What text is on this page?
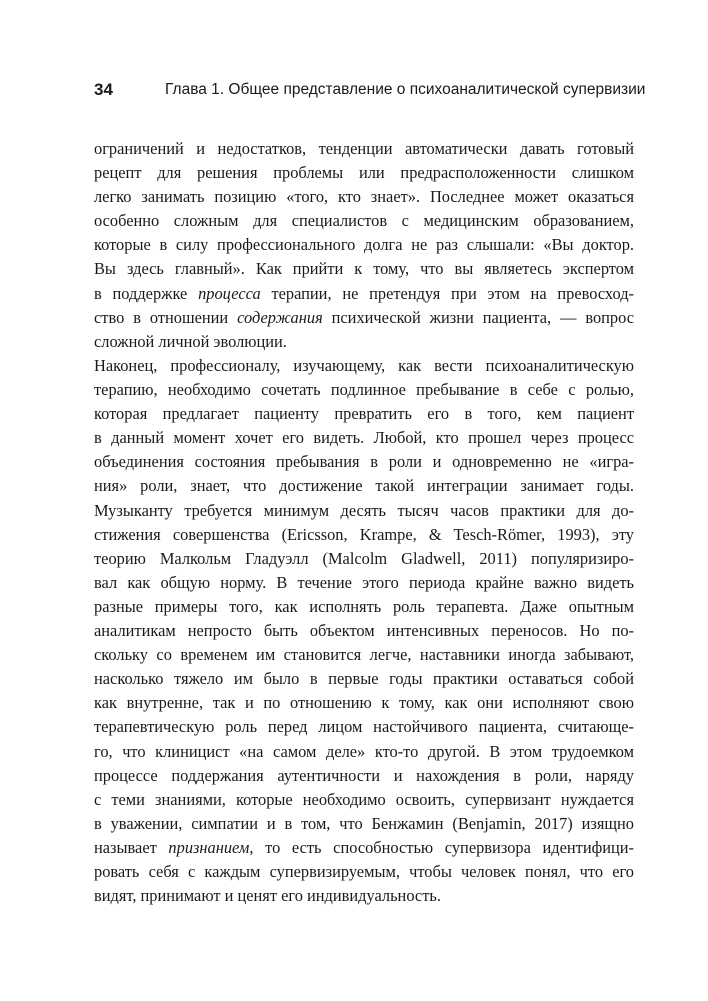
34	Глава 1. Общее представление о психоаналитической супервизии

ограничений и недостатков, тенденции автоматически давать готовый
рецепт для решения проблемы или предрасположенности слишком
легко занимать позицию «того, кто знает». Последнее может оказаться
особенно сложным для специалистов с медицинским образованием,
которые в силу профессионального долга не раз слышали: «Вы доктор.
Вы здесь главный». Как прийти к тому, что вы являетесь экспертом
в поддержке процесса терапии, не претендуя при этом на превосход-
ство в отношении содержания психической жизни пациента, — вопрос
сложной личной эволюции.

Наконец, профессионалу, изучающему, как вести психоаналитическую
терапию, необходимо сочетать подлинное пребывание в себе с ролью,
которая предлагает пациенту превратить его в того, кем пациент
в данный момент хочет его видеть. Любой, кто прошел через процесс
объединения состояния пребывания в роли и одновременно не «игра-
ния» роли, знает, что достижение такой интеграции занимает годы.
Музыканту требуется минимум десять тысяч часов практики для до-
стижения совершенства (Ericsson, Krampe, & Tesch-Römer, 1993), эту
теорию Малкольм Гладуэлл (Malcolm Gladwell, 2011) популяризиро-
вал как общую норму. В течение этого периода крайне важно видеть
разные примеры того, как исполнять роль терапевта. Даже опытным
аналитикам непросто быть объектом интенсивных переносов. Но по-
скольку со временем им становится легче, наставники иногда забывают,
насколько тяжело им было в первые годы практики оставаться собой
как внутренне, так и по отношению к тому, как они исполняют свою
терапевтическую роль перед лицом настойчивого пациента, считающе-
го, что клиницист «на самом деле» кто-то другой. В этом трудоемком
процессе поддержания аутентичности и нахождения в роли, наряду
с теми знаниями, которые необходимо освоить, супервизант нуждается
в уважении, симпатии и в том, что Бенжамин (Benjamin, 2017) изящно
называет признанием, то есть способностью супервизора идентифици-
ровать себя с каждым супервизируемым, чтобы человек понял, что его
видят, принимают и ценят его индивидуальность.
